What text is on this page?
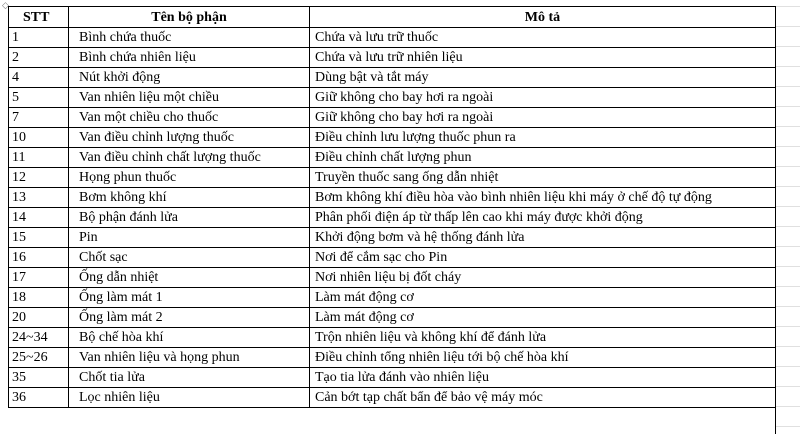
◇
STT	Tên bộ phận	Mô tả
1	Bình chứa thuốc	Chứa và lưu trữ thuốc
2	Bình chứa nhiên liệu	Chứa và lưu trữ nhiên liệu
4	Nút khởi động	Dùng bật và tắt máy
5	Van nhiên liệu một chiều	Giữ không cho bay hơi ra ngoài
7	Van một chiều cho thuốc	Giữ không cho bay hơi ra ngoài
10	Van điều chỉnh lượng thuốc	Điều chỉnh lưu lượng thuốc phun ra
11	Van điều chỉnh chất lượng thuốc	Điều chỉnh chất lượng phun
12	Họng phun thuốc	Truyền thuốc sang ống dẫn nhiệt
13	Bơm không khí	Bơm không khí điều hòa vào bình nhiên liệu khi máy ở chế độ tự động
14	Bộ phận đánh lửa	Phân phối điện áp từ thấp lên cao khi máy được khởi động
15	Pin	Khởi động bơm và hệ thống đánh lửa
16	Chốt sạc	Nơi để cắm sạc cho Pin
17	Ống dẫn nhiệt	Nơi nhiên liệu bị đốt cháy
18	Ống làm mát 1	Làm mát động cơ
20	Ống làm mát 2	Làm mát động cơ
24~34	Bộ chế hòa khí	Trộn nhiên liệu và không khí để đánh lửa
25~26	Van nhiên liệu và họng phun	Điều chỉnh tổng nhiên liệu tới bộ chế hòa khí
35	Chốt tia lửa	Tạo tia lửa đánh vào nhiên liệu
36	Lọc nhiên liệu	Cản bớt tạp chất bẩn để bảo vệ máy móc
